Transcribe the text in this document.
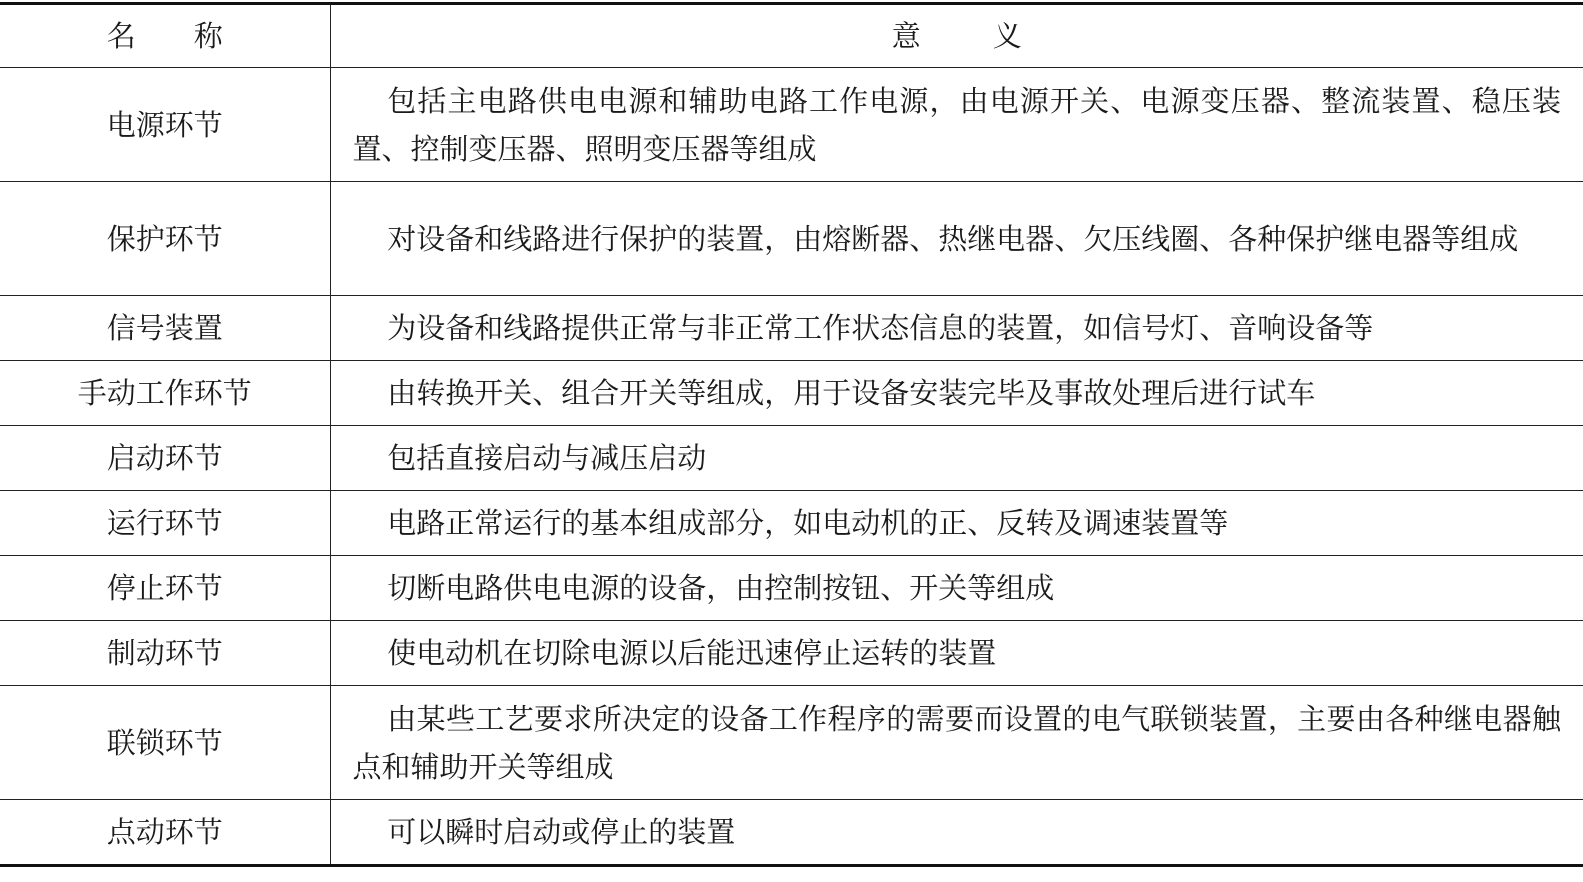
名 称	意 义
电源环节	包括主电路供电电源和辅助电路工作电源，由电源开关、电源变压器、整流装置、稳压装置、控制变压器、照明变压器等组成
保护环节	对设备和线路进行保护的装置，由熔断器、热继电器、欠压线圈、各种保护继电器等组成
信号装置	为设备和线路提供正常与非正常工作状态信息的装置，如信号灯、音响设备等
手动工作环节	由转换开关、组合开关等组成，用于设备安装完毕及事故处理后进行试车
启动环节	包括直接启动与减压启动
运行环节	电路正常运行的基本组成部分，如电动机的正、反转及调速装置等
停止环节	切断电路供电电源的设备，由控制按钮、开关等组成
制动环节	使电动机在切除电源以后能迅速停止运转的装置
联锁环节	由某些工艺要求所决定的设备工作程序的需要而设置的电气联锁装置，主要由各种继电器触点和辅助开关等组成
点动环节	可以瞬时启动或停止的装置
